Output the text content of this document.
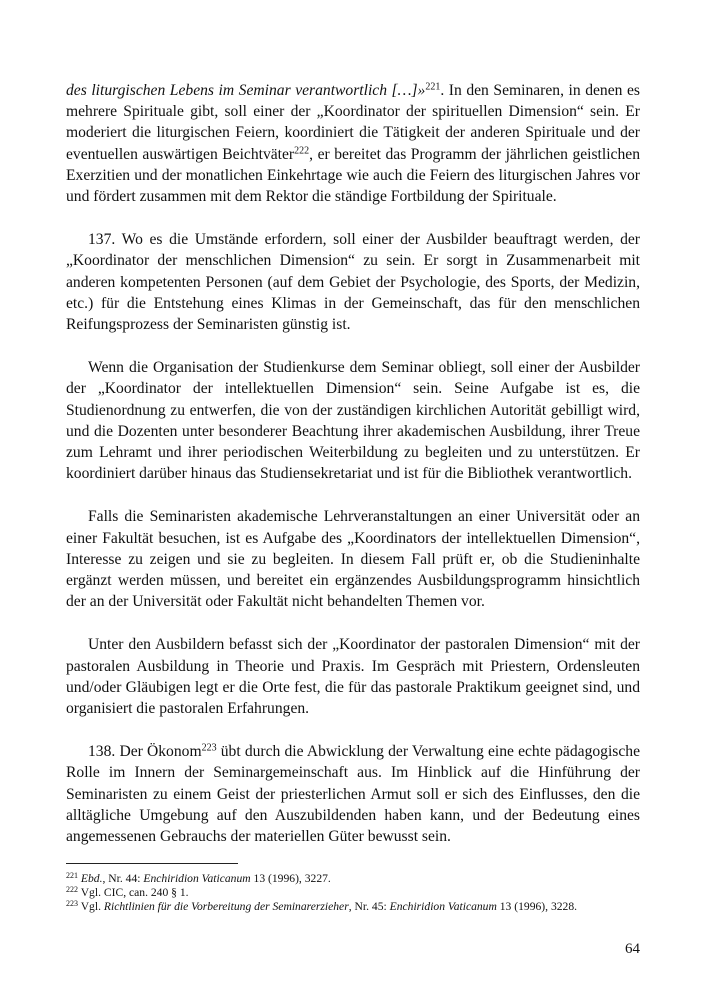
des liturgischen Lebens im Seminar verantwortlich […]»$^{221}$. In den Seminaren, in denen es mehrere Spirituale gibt, soll einer der „Koordinator der spirituellen Dimension“ sein. Er moderiert die liturgischen Feiern, koordiniert die Tätigkeit der anderen Spirituale und der eventuellen auswärtigen Beichtväter$^{222}$, er bereitet das Programm der jährlichen geistlichen Exerzitien und der monatlichen Einkehrtage wie auch die Feiern des liturgischen Jahres vor und fördert zusammen mit dem Rektor die ständige Fortbildung der Spirituale.

137. Wo es die Umstände erfordern, soll einer der Ausbilder beauftragt werden, der „Koordinator der menschlichen Dimension“ zu sein. Er sorgt in Zusammenarbeit mit anderen kompetenten Personen (auf dem Gebiet der Psychologie, des Sports, der Medizin, etc.) für die Entstehung eines Klimas in der Gemeinschaft, das für den menschlichen Reifungsprozess der Seminaristen günstig ist.

Wenn die Organisation der Studienkurse dem Seminar obliegt, soll einer der Ausbilder der „Koordinator der intellektuellen Dimension“ sein. Seine Aufgabe ist es, die Studienordnung zu entwerfen, die von der zuständigen kirchlichen Autorität gebilligt wird, und die Dozenten unter besonderer Beachtung ihrer akademischen Ausbildung, ihrer Treue zum Lehramt und ihrer periodischen Weiterbildung zu begleiten und zu unterstützen. Er koordiniert darüber hinaus das Studiensekretariat und ist für die Bibliothek verantwortlich.

Falls die Seminaristen akademische Lehrveranstaltungen an einer Universität oder an einer Fakultät besuchen, ist es Aufgabe des „Koordinators der intellektuellen Dimension“, Interesse zu zeigen und sie zu begleiten. In diesem Fall prüft er, ob die Studieninhalte ergänzt werden müssen, und bereitet ein ergänzendes Ausbildungsprogramm hinsichtlich der an der Universität oder Fakultät nicht behandelten Themen vor.

Unter den Ausbildern befasst sich der „Koordinator der pastoralen Dimension“ mit der pastoralen Ausbildung in Theorie und Praxis. Im Gespräch mit Priestern, Ordensleuten und/oder Gläubigen legt er die Orte fest, die für das pastorale Praktikum geeignet sind, und organisiert die pastoralen Erfahrungen.

138. Der Ökonom$^{223}$ übt durch die Abwicklung der Verwaltung eine echte pädagogische Rolle im Innern der Seminargemeinschaft aus. Im Hinblick auf die Hinführung der Seminaristen zu einem Geist der priesterlichen Armut soll er sich des Einflusses, den die alltägliche Umgebung auf den Auszubildenden haben kann, und der Bedeutung eines angemessenen Gebrauchs der materiellen Güter bewusst sein.

$^{221}$ Ebd., Nr. 44: Enchiridion Vaticanum 13 (1996), 3227.

$^{222}$ Vgl. CIC, can. 240 § 1.

$^{223}$ Vgl. Richtlinien für die Vorbereitung der Seminarerzieher, Nr. 45: Enchiridion Vaticanum 13 (1996), 3228.

64
